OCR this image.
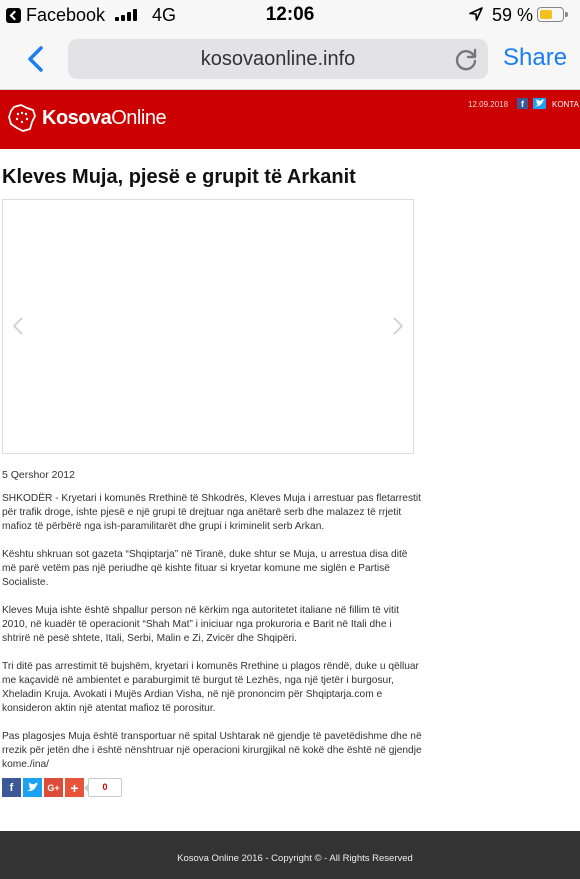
Facebook	4G	12:06	59 %
kosovaonline.info	Share
KosovaOnline
12.09.2018	f	KONTA
Kleves Muja, pjesë e grupit të Arkanit
5 Qershor 2012

SHKODËR - Kryetari i komunës Rrethinë të Shkodrës, Kleves Muja i arrestuar pas fletarrestit për trafik droge, ishte pjesë e një grupi të drejtuar nga anëtarë serb dhe malazez të rrjetit mafioz të përbërë nga ish-paramilitarët dhe grupi i kriminelit serb Arkan.

Kështu shkruan sot gazeta “Shqiptarja” në Tiranë, duke shtur se Muja, u arrestua disa ditë më parë vetëm pas një periudhe që kishte fituar si kryetar komune me siglën e Partisë Socialiste.

Kleves Muja ishte është shpallur person në kërkim nga autoritetet italiane në fillim të vitit 2010, në kuadër të operacionit “Shah Mat” i iniciuar nga prokuroria e Barit në Itali dhe i shtrirë në pesë shtete, Itali, Serbi, Malin e Zi, Zvicër dhe Shqipëri.

Tri ditë pas arrestimit të bujshëm, kryetari i komunës Rrethine u plagos rëndë, duke u qëlluar me kaçavidë në ambientet e paraburgimit të burgut të Lezhës, nga një tjetër i burgosur, Xheladin Kruja. Avokati i Mujës Ardian Visha, në një prononcim për Shqiptarja.com e konsideron aktin një atentat mafioz të porositur.

Pas plagosjes Muja është transportuar në spital Ushtarak në gjendje të pavetëdishme dhe në rrezik për jetën dhe i është nënshtruar një operacioni kirurgjikal në kokë dhe është në gjendje kome./ina/

f	G+ +	0
Kosova Online 2016 - Copyright © - All Rights Reserved
